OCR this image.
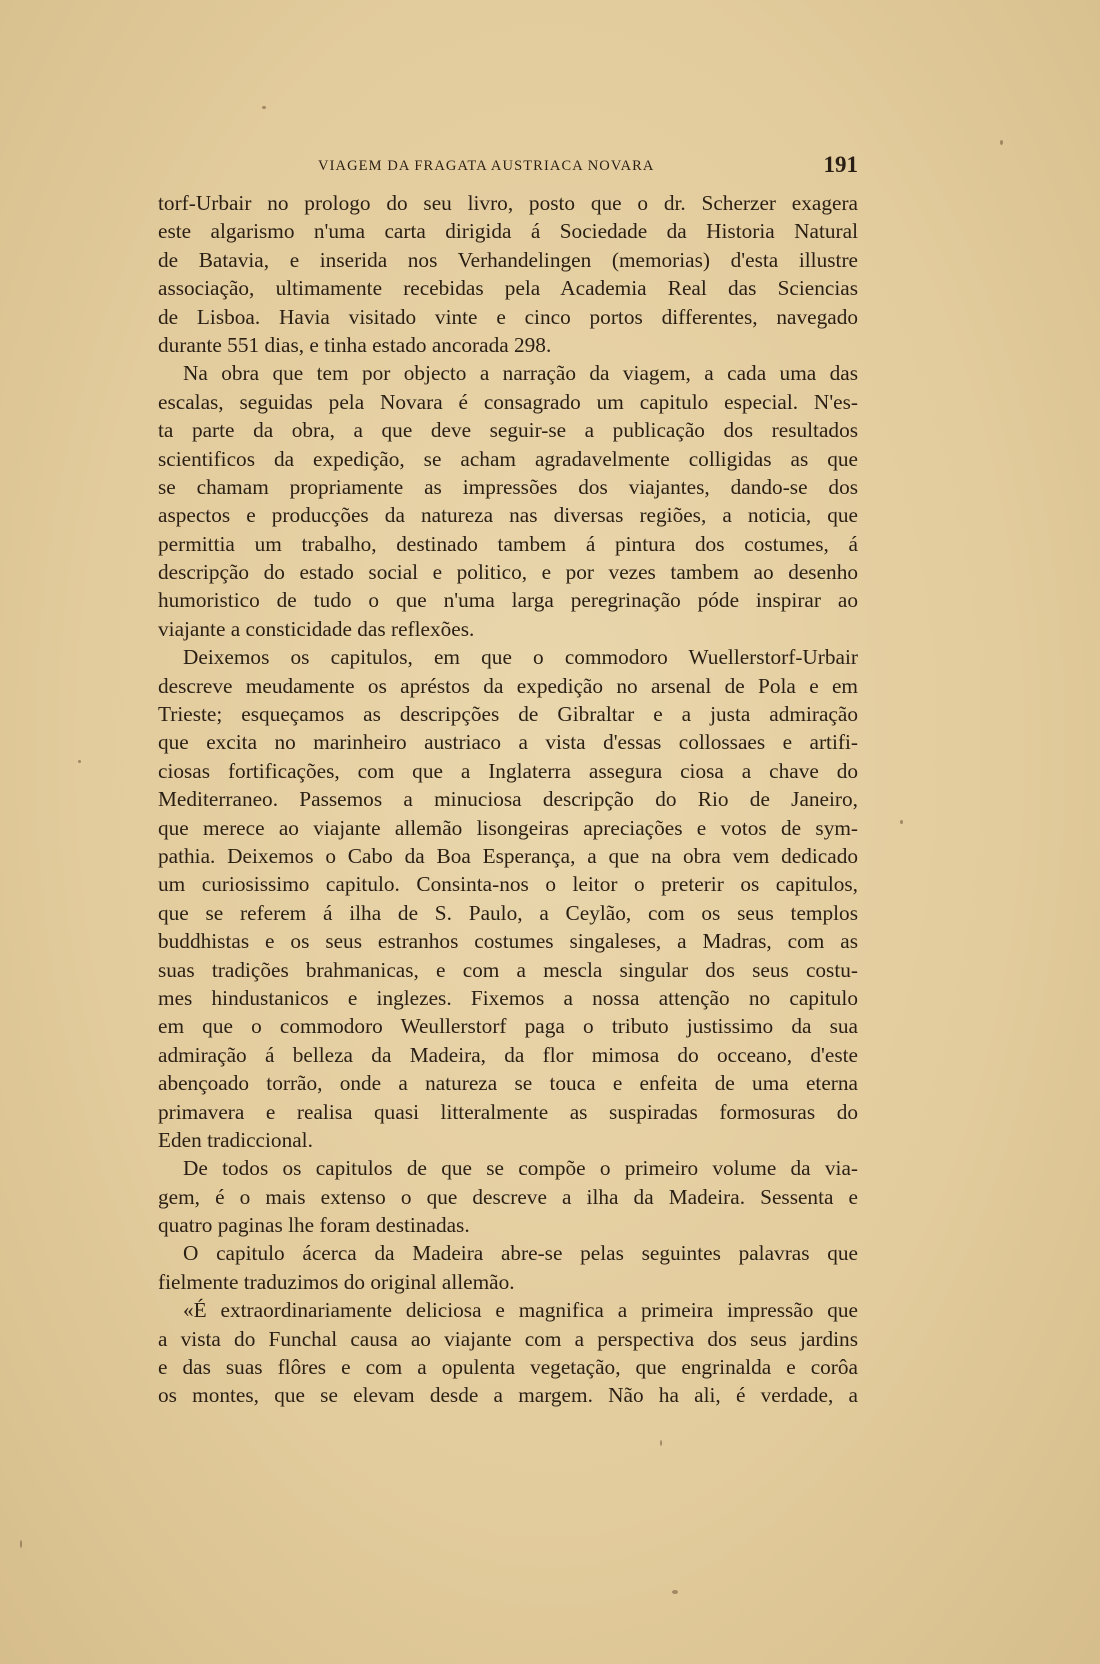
VIAGEM DA FRAGATA AUSTRIACA NOVARA	191
torf-Urbair no prologo do seu livro, posto que o dr. Scherzer exagera
este algarismo n'uma carta dirigida á Sociedade da Historia Natural
de Batavia, e inserida nos Verhandelingen (memorias) d'esta illustre
associação, ultimamente recebidas pela Academia Real das Sciencias
de Lisboa. Havia visitado vinte e cinco portos differentes, navegado
durante 551 dias, e tinha estado ancorada 298.
Na obra que tem por objecto a narração da viagem, a cada uma das
escalas, seguidas pela Novara é consagrado um capitulo especial. N'es-
ta parte da obra, a que deve seguir-se a publicação dos resultados
scientificos da expedição, se acham agradavelmente colligidas as que
se chamam propriamente as impressões dos viajantes, dando-se dos
aspectos e producções da natureza nas diversas regiões, a noticia, que
permittia um trabalho, destinado tambem á pintura dos costumes, á
descripção do estado social e politico, e por vezes tambem ao desenho
humoristico de tudo o que n'uma larga peregrinação póde inspirar ao
viajante a consticidade das reflexões.
Deixemos os capitulos, em que o commodoro Wuellerstorf-Urbair
descreve meudamente os apréstos da expedição no arsenal de Pola e em
Trieste; esqueçamos as descripções de Gibraltar e a justa admiração
que excita no marinheiro austriaco a vista d'essas collossaes e artifi-
ciosas fortificações, com que a Inglaterra assegura ciosa a chave do
Mediterraneo. Passemos a minuciosa descripção do Rio de Janeiro,
que merece ao viajante allemão lisongeiras apreciações e votos de sym-
pathia. Deixemos o Cabo da Boa Esperança, a que na obra vem dedicado
um curiosissimo capitulo. Consinta-nos o leitor o preterir os capitulos,
que se referem á ilha de S. Paulo, a Ceylão, com os seus templos
buddhistas e os seus estranhos costumes singaleses, a Madras, com as
suas tradições brahmanicas, e com a mescla singular dos seus costu-
mes hindustanicos e inglezes. Fixemos a nossa attenção no capitulo
em que o commodoro Weullerstorf paga o tributo justissimo da sua
admiração á belleza da Madeira, da flor mimosa do occeano, d'este
abençoado torrão, onde a natureza se touca e enfeita de uma eterna
primavera e realisa quasi litteralmente as suspiradas formosuras do
Eden tradiccional.
De todos os capitulos de que se compõe o primeiro volume da via-
gem, é o mais extenso o que descreve a ilha da Madeira. Sessenta e
quatro paginas lhe foram destinadas.
O capitulo ácerca da Madeira abre-se pelas seguintes palavras que
fielmente traduzimos do original allemão.
«É extraordinariamente deliciosa e magnifica a primeira impressão que
a vista do Funchal causa ao viajante com a perspectiva dos seus jardins
e das suas flôres e com a opulenta vegetação, que engrinalda e corôa
os montes, que se elevam desde a margem. Não ha ali, é verdade, a
